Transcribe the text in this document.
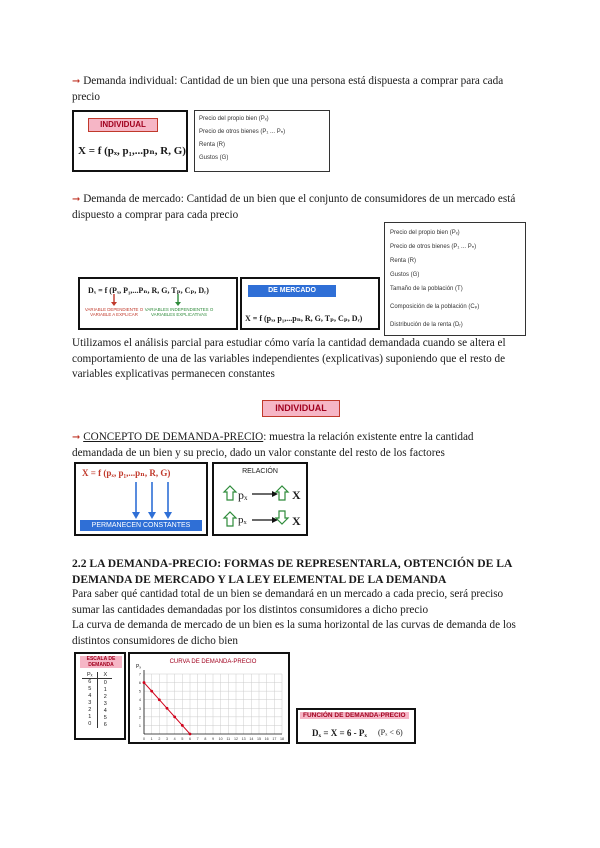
➞ Demanda individual: Cantidad de un bien que una persona está dispuesta a comprar para cada precio
INDIVIDUAL
X = f (pₓ, p₁,...pₙ, R, G)
Precio del propio bien (Pₓ)
Precio de otros bienes (P₁ ... Pₙ)
Renta (R)
Gustos (G)
➞ Demanda de mercado: Cantidad de un bien que el conjunto de consumidores de un mercado está dispuesto a comprar para cada precio
Precio del propio bien (Pₓ)
Precio de otros bienes (P₁ ... Pₙ)
Renta (R)
Gustos (G)
Tamaño de la población (T)
Composición de la población (Cₚ)
Distribución de la renta (Dᵣ)
Dₓ = f (Pₓ, P₁,...Pₙ, R, G, Tₚ, Cₚ, Dᵣ)
VARIABLE DEPENDIENTE O VARIABLE A EXPLICAR
VARIABLES INDEPENDIENTES O VARIABLES EXPLICATIVAS
DE MERCADO
X = f (pₓ, p₁,...pₙ, R, G, Tₚ, Cₚ, Dᵣ)
Utilizamos el análisis parcial para estudiar cómo varía la cantidad demandada cuando se altera el comportamiento de una de las variables independientes (explicativas) suponiendo que el resto de variables explicativas permanecen constantes
INDIVIDUAL
➞ CONCEPTO DE DEMANDA-PRECIO: muestra la relación existente entre la cantidad demandada de un bien y su precio, dado un valor constante del resto de los factores
X = f (pₓ, p₁,...pₙ, R, G)
PERMANECEN CONSTANTES
RELACIÓN
pₓ	X
pₓ	X
2.2 LA DEMANDA-PRECIO: FORMAS DE REPRESENTARLA, OBTENCIÓN DE LA DEMANDA DE MERCADO Y LA LEY ELEMENTAL DE LA DEMANDA
Para saber qué cantidad total de un bien se demandará en un mercado a cada precio, será preciso sumar las cantidades demandadas por los distintos consumidores a dicho precio
La curva de demanda de mercado de un bien es la suma horizontal de las curvas de demanda de los distintos consumidores de dicho bien
ESCALA DE DEMANDA
Pₓ	X
6	0
5	1
4	2
3	3
2	4
1	5
0	6
CURVA DE DEMANDA-PRECIO
0 1 2 3 4 5 6 7 8 9 10 11 12 13 14 15 16 17 18
1
2
3
4
5
6
7
Pₓ
FUNCIÓN DE DEMANDA-PRECIO
Dₓ = X = 6 - Pₓ (Pₓ < 6)
